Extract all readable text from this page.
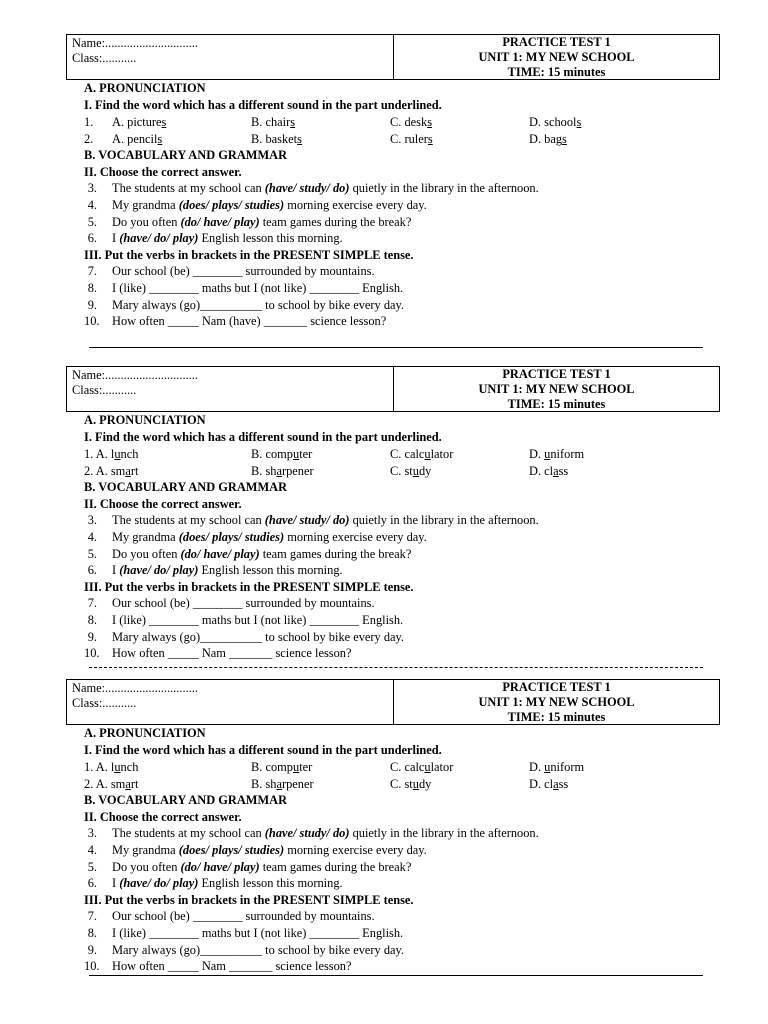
Name:..............................
Class:...........
PRACTICE TEST 1
UNIT 1: MY NEW SCHOOL
TIME: 15 minutes
A. PRONUNCIATION
I. Find the word which has a different sound in the part underlined.
1. A. pictures	B. chairs	C. desks	D. schools
2. A. pencils	B. baskets	C. rulers	D. bags
B. VOCABULARY AND GRAMMAR
II. Choose the correct answer.
3. The students at my school can (have/ study/ do) quietly in the library in the afternoon.
4. My grandma (does/ plays/ studies) morning exercise every day.
5. Do you often (do/ have/ play) team games during the break?
6. I (have/ do/ play) English lesson this morning.
III. Put the verbs in brackets in the PRESENT SIMPLE tense.
7. Our school (be) ________ surrounded by mountains.
8. I (like) ________ maths but I (not like) ________ English.
9. Mary always (go)__________ to school by bike every day.
10. How often _____ Nam (have) _______ science lesson?
Name:..............................
Class:...........
PRACTICE TEST 1
UNIT 1: MY NEW SCHOOL
TIME: 15 minutes
A. PRONUNCIATION
I. Find the word which has a different sound in the part underlined.
1. A. lunch	B. computer	C. calculator	D. uniform
2. A. smart	B. sharpener	C. study	D. class
B. VOCABULARY AND GRAMMAR
II. Choose the correct answer.
3. The students at my school can (have/ study/ do) quietly in the library in the afternoon.
4. My grandma (does/ plays/ studies) morning exercise every day.
5. Do you often (do/ have/ play) team games during the break?
6. I (have/ do/ play) English lesson this morning.
III. Put the verbs in brackets in the PRESENT SIMPLE tense.
7. Our school (be) ________ surrounded by mountains.
8. I (like) ________ maths but I (not like) ________ English.
9. Mary always (go)__________ to school by bike every day.
10. How often _____ Nam _______ science lesson?
Name:..............................
Class:...........
PRACTICE TEST 1
UNIT 1: MY NEW SCHOOL
TIME: 15 minutes
A. PRONUNCIATION
I. Find the word which has a different sound in the part underlined.
1. A. lunch	B. computer	C. calculator	D. uniform
2. A. smart	B. sharpener	C. study	D. class
B. VOCABULARY AND GRAMMAR
II. Choose the correct answer.
3. The students at my school can (have/ study/ do) quietly in the library in the afternoon.
4. My grandma (does/ plays/ studies) morning exercise every day.
5. Do you often (do/ have/ play) team games during the break?
6. I (have/ do/ play) English lesson this morning.
III. Put the verbs in brackets in the PRESENT SIMPLE tense.
7. Our school (be) ________ surrounded by mountains.
8. I (like) ________ maths but I (not like) ________ English.
9. Mary always (go)__________ to school by bike every day.
10. How often _____ Nam _______ science lesson?
